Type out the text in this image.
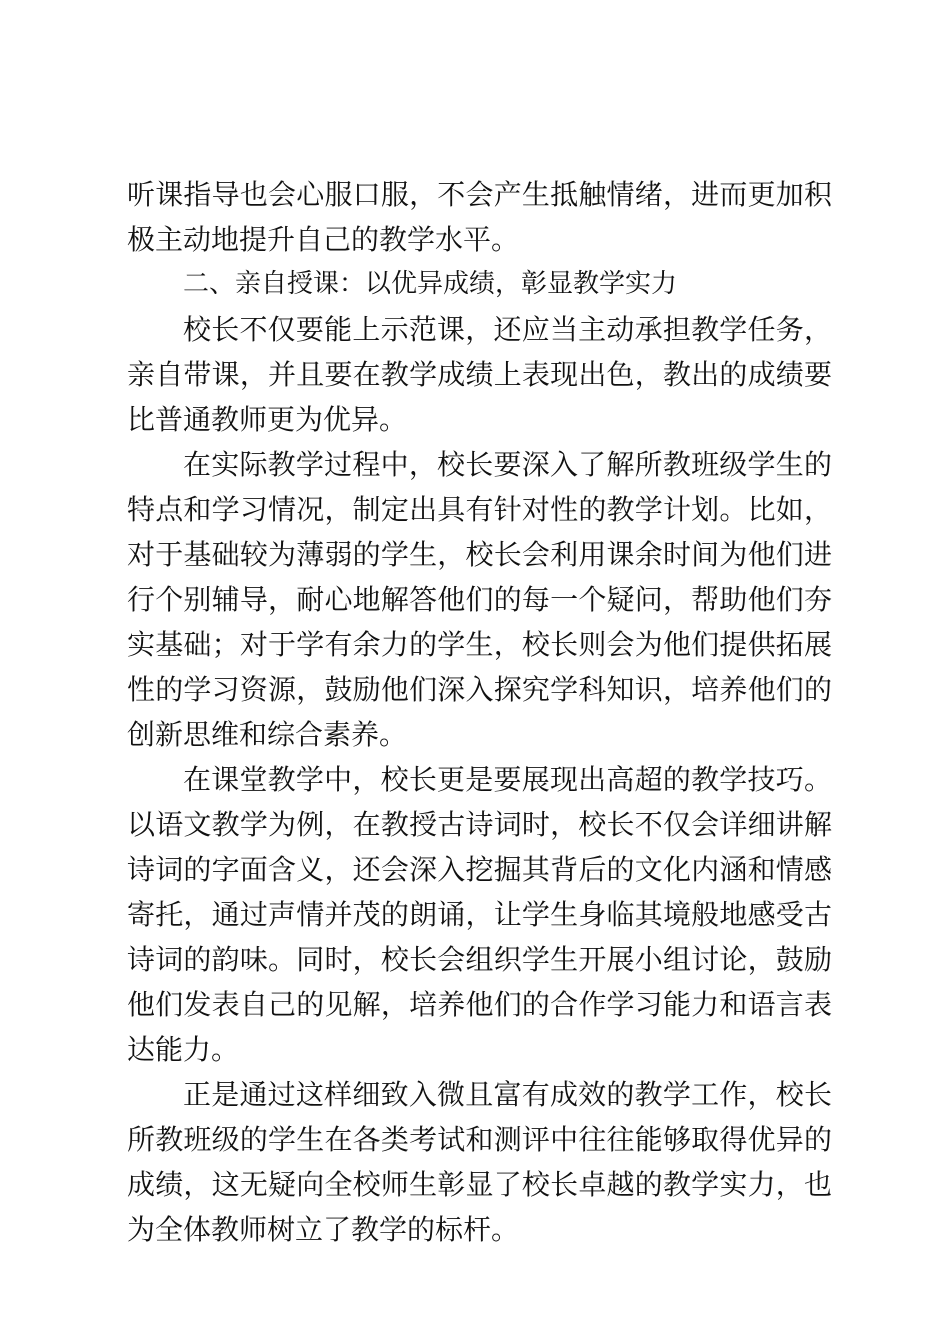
听课指导也会心服口服，不会产生抵触情绪，进而更加积极主动地提升自己的教学水平。

二、亲自授课：以优异成绩，彰显教学实力

校长不仅要能上示范课，还应当主动承担教学任务，亲自带课，并且要在教学成绩上表现出色，教出的成绩要比普通教师更为优异。

在实际教学过程中，校长要深入了解所教班级学生的特点和学习情况，制定出具有针对性的教学计划。比如，对于基础较为薄弱的学生，校长会利用课余时间为他们进行个别辅导，耐心地解答他们的每一个疑问，帮助他们夯实基础；对于学有余力的学生，校长则会为他们提供拓展性的学习资源，鼓励他们深入探究学科知识，培养他们的创新思维和综合素养。

在课堂教学中，校长更是要展现出高超的教学技巧。以语文教学为例，在教授古诗词时，校长不仅会详细讲解诗词的字面含义，还会深入挖掘其背后的文化内涵和情感寄托，通过声情并茂的朗诵，让学生身临其境般地感受古诗词的韵味。同时，校长会组织学生开展小组讨论，鼓励他们发表自己的见解，培养他们的合作学习能力和语言表达能力。

正是通过这样细致入微且富有成效的教学工作，校长所教班级的学生在各类考试和测评中往往能够取得优异的成绩，这无疑向全校师生彰显了校长卓越的教学实力，也为全体教师树立了教学的标杆。
